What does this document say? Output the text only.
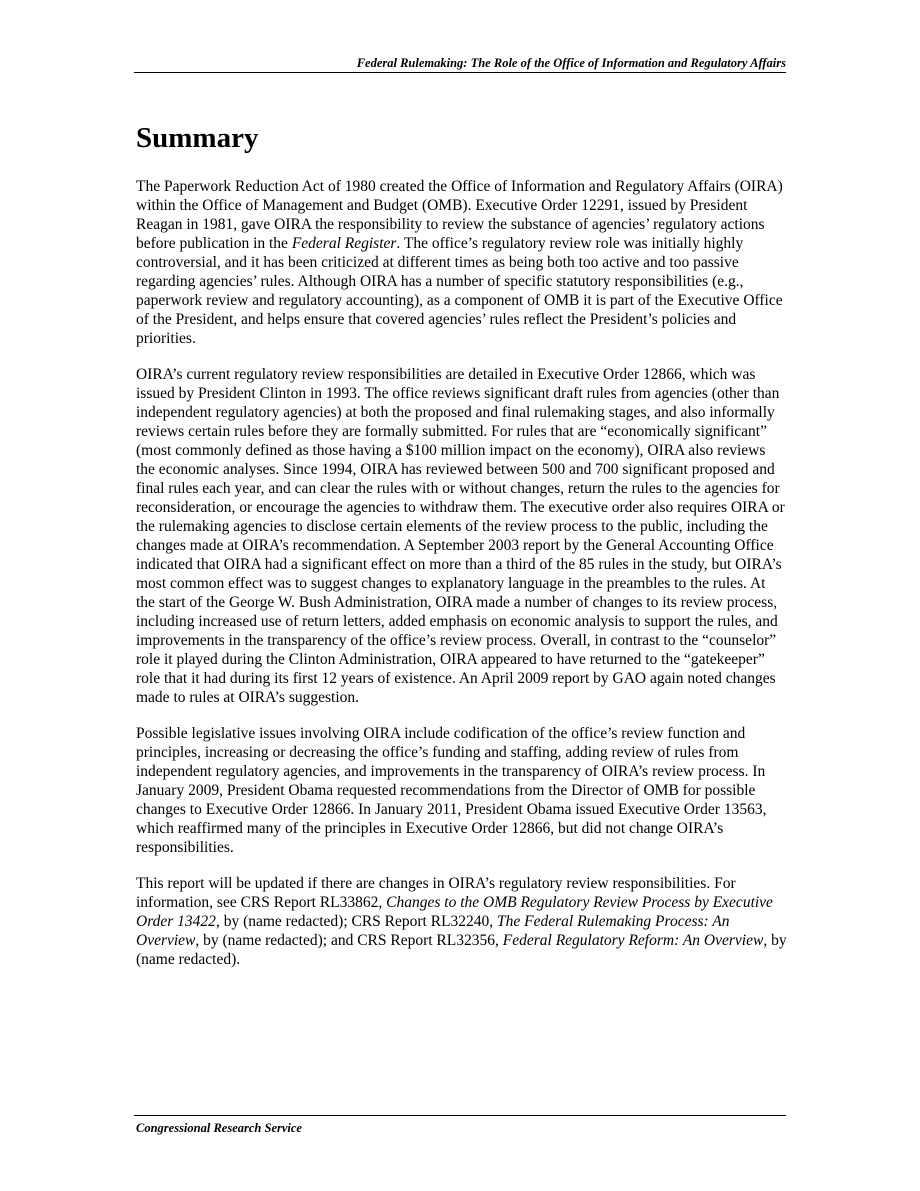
Federal Rulemaking: The Role of the Office of Information and Regulatory Affairs
Summary

The Paperwork Reduction Act of 1980 created the Office of Information and Regulatory Affairs (OIRA) within the Office of Management and Budget (OMB). Executive Order 12291, issued by President Reagan in 1981, gave OIRA the responsibility to review the substance of agencies’ regulatory actions before publication in the Federal Register. The office’s regulatory review role was initially highly controversial, and it has been criticized at different times as being both too active and too passive regarding agencies’ rules. Although OIRA has a number of specific statutory responsibilities (e.g., paperwork review and regulatory accounting), as a component of OMB it is part of the Executive Office of the President, and helps ensure that covered agencies’ rules reflect the President’s policies and priorities.

OIRA’s current regulatory review responsibilities are detailed in Executive Order 12866, which was issued by President Clinton in 1993. The office reviews significant draft rules from agencies (other than independent regulatory agencies) at both the proposed and final rulemaking stages, and also informally reviews certain rules before they are formally submitted. For rules that are “economically significant” (most commonly defined as those having a $100 million impact on the economy), OIRA also reviews the economic analyses. Since 1994, OIRA has reviewed between 500 and 700 significant proposed and final rules each year, and can clear the rules with or without changes, return the rules to the agencies for reconsideration, or encourage the agencies to withdraw them. The executive order also requires OIRA or the rulemaking agencies to disclose certain elements of the review process to the public, including the changes made at OIRA’s recommendation. A September 2003 report by the General Accounting Office indicated that OIRA had a significant effect on more than a third of the 85 rules in the study, but OIRA’s most common effect was to suggest changes to explanatory language in the preambles to the rules. At the start of the George W. Bush Administration, OIRA made a number of changes to its review process, including increased use of return letters, added emphasis on economic analysis to support the rules, and improvements in the transparency of the office’s review process. Overall, in contrast to the “counselor” role it played during the Clinton Administration, OIRA appeared to have returned to the “gatekeeper” role that it had during its first 12 years of existence. An April 2009 report by GAO again noted changes made to rules at OIRA’s suggestion.

Possible legislative issues involving OIRA include codification of the office’s review function and principles, increasing or decreasing the office’s funding and staffing, adding review of rules from independent regulatory agencies, and improvements in the transparency of OIRA’s review process. In January 2009, President Obama requested recommendations from the Director of OMB for possible changes to Executive Order 12866. In January 2011, President Obama issued Executive Order 13563, which reaffirmed many of the principles in Executive Order 12866, but did not change OIRA’s responsibilities.

This report will be updated if there are changes in OIRA’s regulatory review responsibilities. For information, see CRS Report RL33862, Changes to the OMB Regulatory Review Process by Executive Order 13422, by (name redacted); CRS Report RL32240, The Federal Rulemaking Process: An Overview, by (name redacted); and CRS Report RL32356, Federal Regulatory Reform: An Overview, by (name redacted).

Congressional Research Service
